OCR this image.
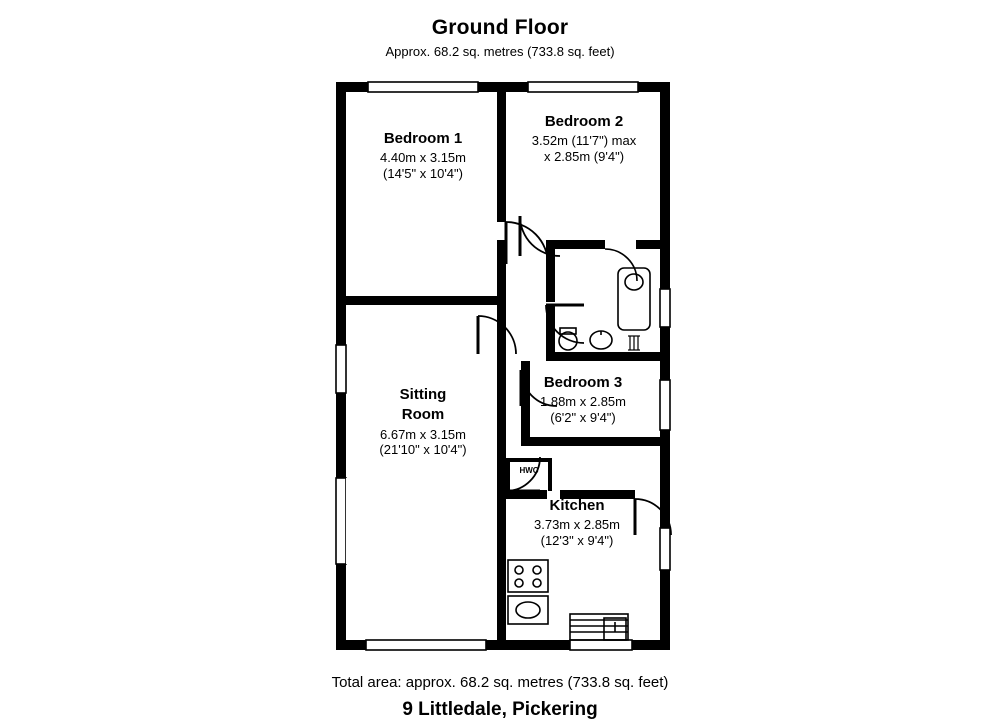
Ground Floor
Approx. 68.2 sq. metres (733.8 sq. feet)
Bedroom 1
4.40m x 3.15m
(14'5" x 10'4")
Bedroom 2
3.52m (11'7") max
x 2.85m (9'4")
Bedroom 3
1.88m x 2.85m
(6'2" x 9'4")
Sitting
Room
6.67m x 3.15m
(21'10" x 10'4")
Kitchen
3.73m x 2.85m
(12'3" x 9'4")
HWC
Total area: approx. 68.2 sq. metres (733.8 sq. feet)
9 Littledale, Pickering
